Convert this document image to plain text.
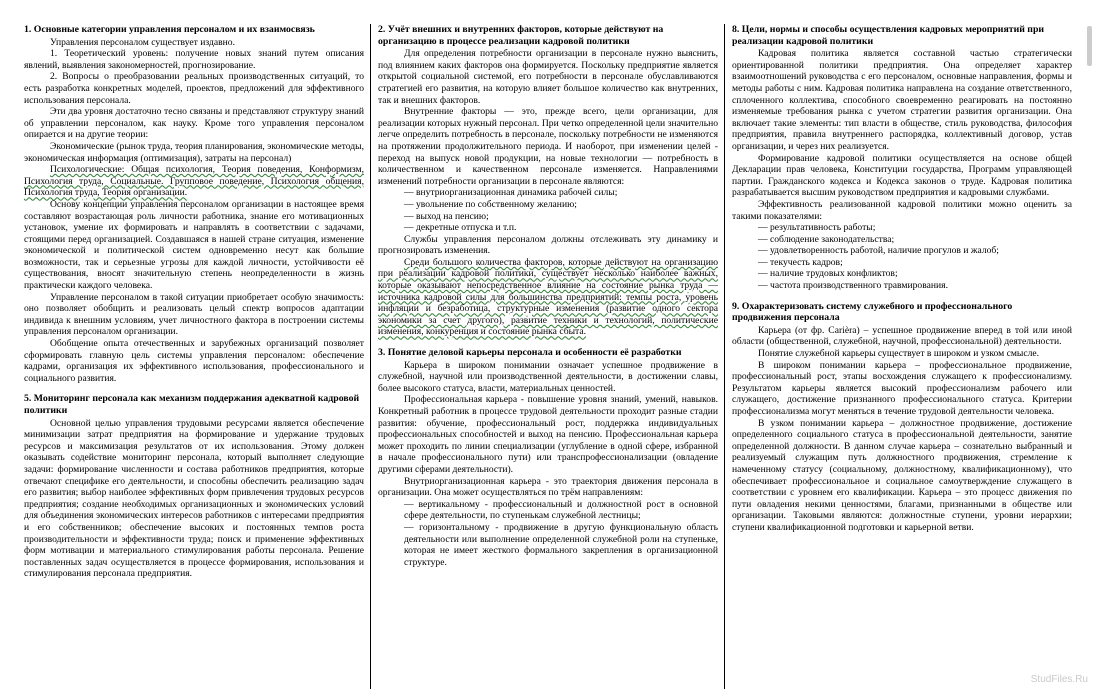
1. Основные категории управления персоналом и их взаимосвязь

Управления персоналом существует издавно.

1. Теоретический уровень: получение новых знаний путем описания явлений, выявления закономерностей, прогнозирование.

2. Вопросы о преобразовании реальных производственных ситуаций, то есть разработка конкретных моделей, проектов, предложений для эффективного использования персонала.

Эти два уровня достаточно тесно связаны и представляют структуру знаний об управлении персоналом, как науку. Кроме того управления персоналом опирается и на другие теории:

Экономические (рынок труда, теория планирования, экономические методы, экономическая информация (оптимизация), затраты на персонал)

Психологические: Общая психология, Теория поведения, Конформизм, Психология труда, Социальные. Групповое поведение, Психология общения, Психология труда, Теория организации.

Основу концепции управления персоналом организации в настоящее время составляют возрастающая роль личности работника, знание его мотивационных установок, умение их формировать и направлять в соответствии с задачами, стоящими перед организацией. Создавшаяся в нашей стране ситуация, изменение экономической и политической систем одновременно несут как большие возможности, так и серьезные угрозы для каждой личности, устойчивости её существования, вносят значительную степень неопределенности в жизнь практически каждого человека.

Управление персоналом в такой ситуации приобретает особую значимость: оно позволяет обобщить и реализовать целый спектр вопросов адаптации индивида к внешним условиям, учет личностного фактора в построении системы управления персоналом организации.

Обобщение опыта отечественных и зарубежных организаций позволяет сформировать главную цель системы управления персоналом: обеспечение кадрами, организация их эффективного использования, профессионального и социального развития.

5. Мониторинг персонала как механизм поддержания адекватной кадровой политики

Основной целью управления трудовыми ресурсами является обеспечение минимизации затрат предприятия на формирование и удержание трудовых ресурсов и максимизация результатов от их использования. Этому должен оказывать содействие мониторинг персонала, который выполняет следующие задачи: формирование численности и состава работников предприятия, которые отвечают специфике его деятельности, и способны обеспечить реализацию задач его развития; выбор наиболее эффективных форм привлечения трудовых ресурсов предприятия; создание необходимых организационных и экономических условий для объединения экономических интересов работников с интересами предприятия и его собственников; обеспечение высоких и постоянных темпов роста производительности и эффективности труда; поиск и применение эффективных форм мотивации и материального стимулирования работы персонала. Решение поставленных задач осуществляется в процессе формирования, использования и стимулирования персонала предприятия.

2. Учёт внешних и внутренних факторов, которые действуют на организацию в процессе реализации кадровой политики

Для определения потребности организации в персонале нужно выяснить, под влиянием каких факторов она формируется. Поскольку предприятие является открытой социальной системой, его потребности в персонале обуславливаются стратегией его развития, на которую влияет большое количество как внутренних, так и внешних факторов.

Внутренние факторы — это, прежде всего, цели организации, для реализации которых нужный персонал. При четко определенной цели значительно легче определить потребность в персонале, поскольку потребности не изменяются на протяжении продолжительного периода. И наоборот, при изменении целей - переход на выпуск новой продукции, на новые технологии — потребность в количественном и качественном персонале изменяется. Направлениями изменений потребности организации в персонале являются:

— внутриорганизационная динамика рабочей силы;

— увольнение по собственному желанию;

— выход на пенсию;

— декретные отпуска и т.п.

Службы управления персоналом должны отслеживать эту динамику и прогнозировать изменения.

Среди большого количества факторов, которые действуют на организацию при реализации кадровой политики, существует несколько наиболее важных, которые оказывают непосредственное влияние на состояние рынка труда — источника кадровой силы для большинства предприятий: темпы роста, уровень инфляции и безработица, структурные изменения (развитие одного сектора экономики за счет другого), развитие техники и технологий, политические изменения, конкуренция и состояние рынка сбыта.

3. Понятие деловой карьеры персонала и особенности её разработки

Карьера в широком понимании означает успешное продвижение в служебной, научной или производственной деятельности, в достижении славы, более высокого статуса, власти, материальных ценностей.

Профессиональная карьера - повышение уровня знаний, умений, навыков. Конкретный работник в процессе трудовой деятельности проходит разные стадии развития: обучение, профессиональный рост, поддержка индивидуальных профессиональных способностей и выход на пенсию. Профессиональная карьера может проходить по линии специализации (углубление в одной сфере, избранной в начале профессионального пути) или транспрофессионализации (овладение другими сферами деятельности).

Внутриорганизационная карьера - это траектория движения персонала в организации. Она может осуществляться по трём направлениям:

— вертикальному - профессиональный и должностной рост в основной сфере деятельности, по ступенькам служебной лестницы;

— горизонтальному - продвижение в другую функциональную область деятельности или выполнение определенной служебной роли на ступеньке, которая не имеет жесткого формального закрепления в организационной структуре.

8. Цели, нормы и способы осуществления кадровых мероприятий при реализации кадровой политики

Кадровая политика является составной частью стратегически ориентированной политики предприятия. Она определяет характер взаимоотношений руководства с его персоналом, основные направления, формы и методы работы с ним. Кадровая политика направлена на создание ответственного, сплоченного коллектива, способного своевременно реагировать на постоянно изменяемые требования рынка с учетом стратегии развития организации. Она включает такие элементы: тип власти в обществе, стиль руководства, философия предприятия, правила внутреннего распорядка, коллективный договор, устав организации, и через них реализуется.

Формирование кадровой политики осуществляется на основе общей Декларации прав человека, Конституции государства, Программ управляющей партии. Гражданского кодекса и Кодекса законов о труде. Кадровая политика разрабатывается высшим руководством предприятия и кадровыми службами.

Эффективность реализованной кадровой политики можно оценить за такими показателями:

— результативность работы;

— соблюдение законодательства;

— удовлетворенность работой, наличие прогулов и жалоб;

— текучесть кадров;

— наличие трудовых конфликтов;

— частота производственного травмирования.

9. Охарактеризовать систему служебного и профессионального продвижения персонала

Карьера (от фр. Carièra) – успешное продвижение вперед в той или иной области (общественной, служебной, научной, профессиональной) деятельности.

Понятие служебной карьеры существует в широком и узком смысле.

В широком понимании карьера – профессиональное продвижение, профессиональный рост, этапы восхождения служащего к профессионализму. Результатом карьеры является высокий профессионализм рабочего или служащего, достижение признанного профессионального статуса. Критерии профессионализма могут меняться в течение трудовой деятельности человека.

В узком понимании карьера – должностное продвижение, достижение определенного социального статуса в профессиональной деятельности, занятие определенной должности. В данном случае карьера – сознательно выбранный и реализуемый служащим путь должностного продвижения, стремление к намеченному статусу (социальному, должностному, квалификационному), что обеспечивает профессиональное и социальное самоутверждение служащего в соответствии с уровнем его квалификации. Карьера – это процесс движения по пути овладения некими ценностями, благами, признанными в обществе или организации. Таковыми являются: должностные ступени, уровни иерархии; ступени квалификационной подготовки и карьерной ветви.

StudFiles.Ru
